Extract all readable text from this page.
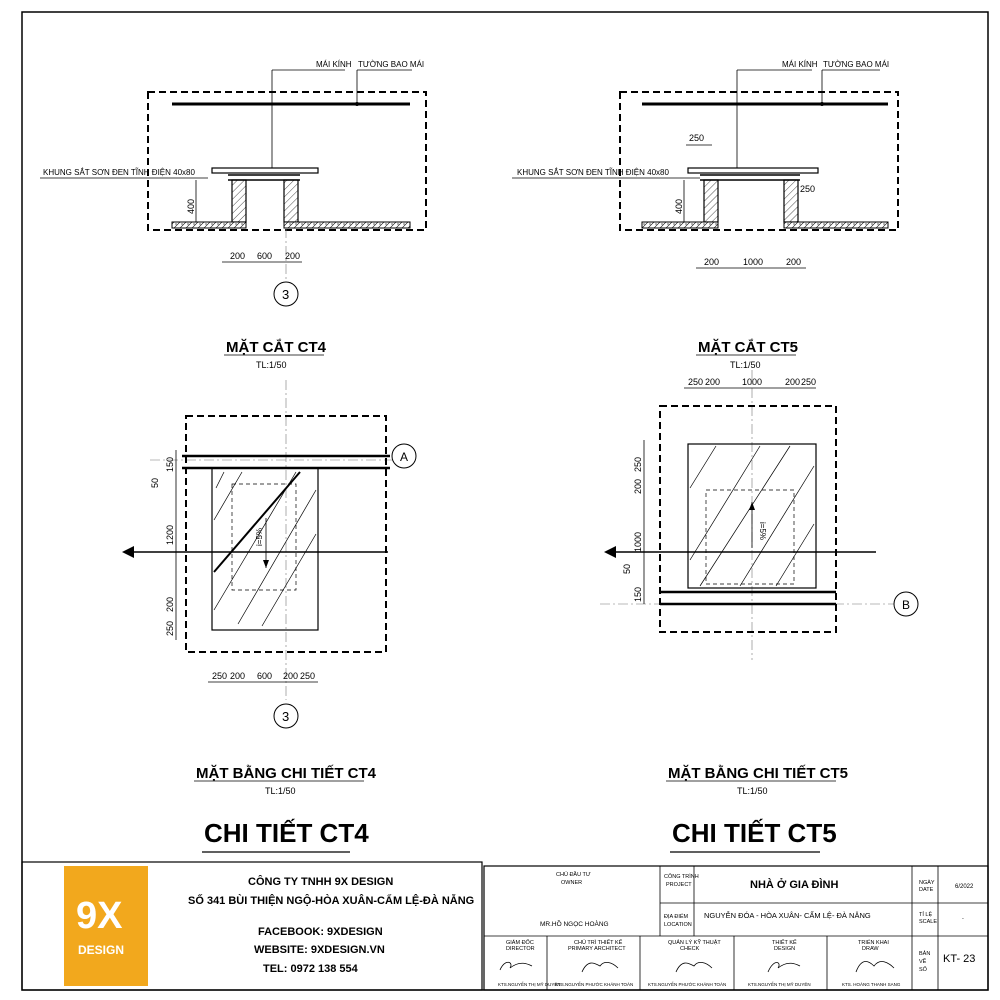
TƯỜNG BAO MÁI
MÁI KÍNH
KHUNG SẮT SƠN ĐEN TĨNH ĐIỆN 40x80
400
200 600 200
3
MẶT CẮT CT4
TL:1/50
TƯỜNG BAO MÁI
MÁI KÍNH
250
KHUNG SẮT SƠN ĐEN TĨNH ĐIỆN 40x80
400
250
200	1000	200
MẶT CẮT CT5
TL:1/50
i=5%
A
50
150
1200
200
250
250 200 600 200 250
3
MẶT BẰNG CHI TIẾT CT4
TL:1/50
CHI TIẾT CT4
i=5%
B
250 200 1000	200 250
250
200
1000
50
150
MẶT BẰNG CHI TIẾT CT5
TL:1/50
CHI TIẾT CT5
9X
DESIGN
CÔNG TY TNHH 9X DESIGN
SỐ 341 BÙI THIỆN NGỘ-HÒA XUÂN-CẨM LỆ-ĐÀ NẴNG
FACEBOOK: 9XDESIGN
WEBSITE: 9XDESIGN.VN
TEL: 0972 138 554
CHỦ ĐẦU TƯ
OWNER
MR.HỒ NGỌC HOÀNG
CÔNG TRÌNH
PROJECT	NHÀ Ở GIA ĐÌNH
ĐỊA ĐIỂM
LOCATION
NGUYỄN ĐÓA - HÒA XUÂN- CẨM LỆ- ĐÀ NẴNG
NGÀY
DATE	6/2022
TỈ LỆ
SCALE	-
BẢN
VẼ
SỐ
KT- 23
GIÁM ĐỐC
DIRECTOR
KTS.NGUYỄN THỊ MỸ DUYÊN
CHỦ TRÌ THIẾT KẾ
PRIMARY ARCHITECT
KTS.NGUYỄN PHƯỚC KHÁNH TOÀN
QUẢN LÝ KỸ THUẬT
CHECK
KTS.NGUYỄN PHƯỚC KHÁNH TOÀN
THIẾT KẾ
DESIGN
KTS.NGUYỄN THỊ MỸ DUYÊN
TRIỂN KHAI
DRAW
KTS. HOÀNG THANH SANG
